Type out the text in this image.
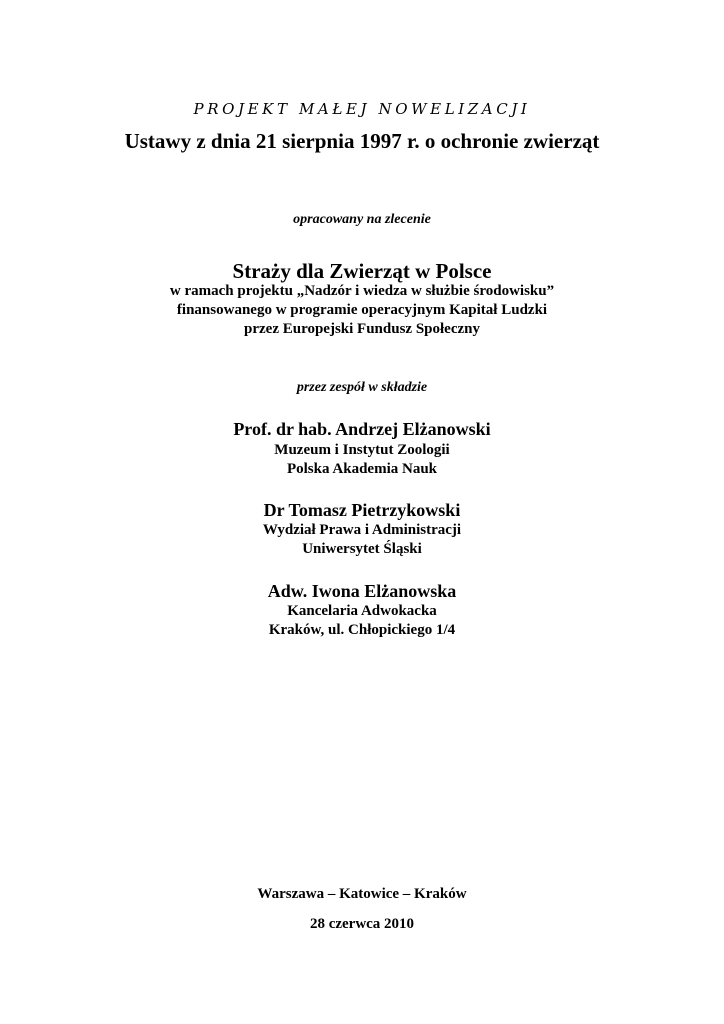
PROJEKT MAŁEJ NOWELIZACJI
Ustawy z dnia 21 sierpnia 1997 r. o ochronie zwierząt
opracowany na zlecenie
Straży dla Zwierząt w Polsce
w ramach projektu „Nadzór i wiedza w służbie środowisku”
finansowanego w programie operacyjnym Kapitał Ludzki
przez Europejski Fundusz Społeczny
przez zespół w składzie
Prof. dr hab. Andrzej Elżanowski
Muzeum i Instytut Zoologii
Polska Akademia Nauk
Dr Tomasz Pietrzykowski
Wydział Prawa i Administracji
Uniwersytet Śląski
Adw. Iwona Elżanowska
Kancelaria Adwokacka
Kraków, ul. Chłopickiego 1/4
Warszawa – Katowice – Kraków
28 czerwca 2010
